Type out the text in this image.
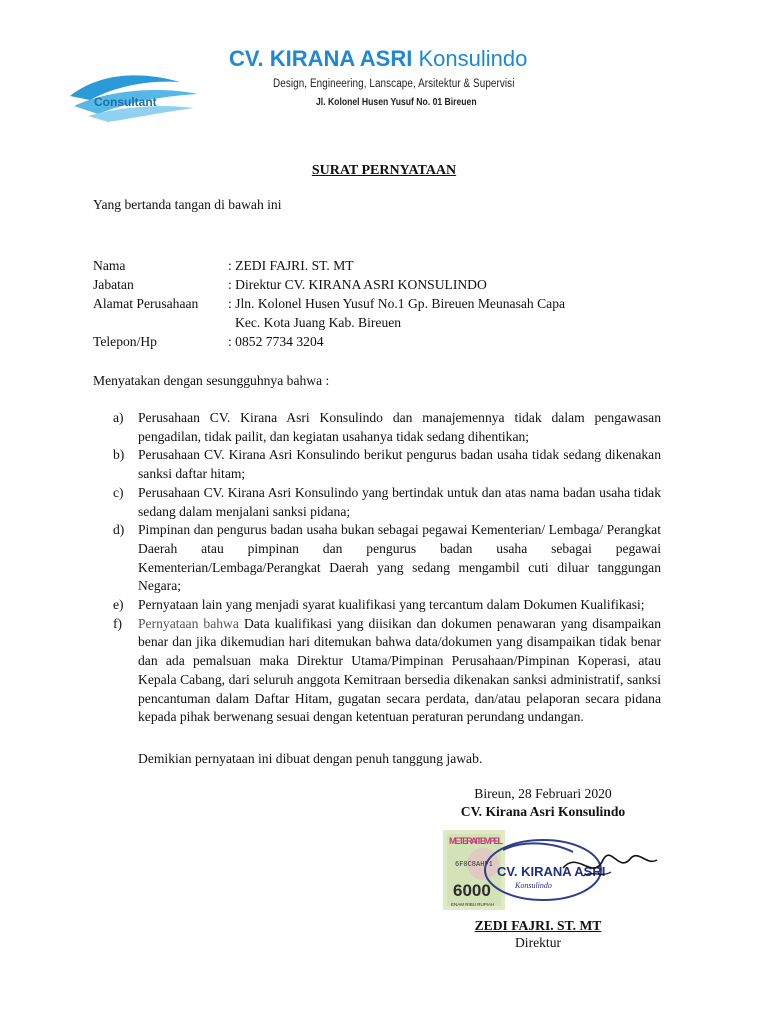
Consultant
CV. KIRANA ASRI Konsulindo
Design, Engineering, Lanscape, Arsitektur & Supervisi
Jl. Kolonel Husen Yusuf No. 01 Bireuen
SURAT PERNYATAAN
Yang bertanda tangan di bawah ini
Nama	: ZEDI FAJRI. ST. MT
Jabatan	: Direktur CV. KIRANA ASRI KONSULINDO
Alamat Perusahaan : Jln. Kolonel Husen Yusuf No.1 Gp. Bireuen Meunasah Capa
Kec. Kota Juang Kab. Bireuen
Telepon/Hp	: 0852 7734 3204
Menyatakan dengan sesungguhnya bahwa :
a) Perusahaan CV. Kirana Asri Konsulindo dan manajemennya tidak dalam pengawasan pengadilan, tidak pailit, dan kegiatan usahanya tidak sedang dihentikan;
b) Perusahaan CV. Kirana Asri Konsulindo berikut pengurus badan usaha tidak sedang dikenakan sanksi daftar hitam;
c) Perusahaan CV. Kirana Asri Konsulindo yang bertindak untuk dan atas nama badan usaha tidak sedang dalam menjalani sanksi pidana;
d) Pimpinan dan pengurus badan usaha bukan sebagai pegawai Kementerian/ Lembaga/ Perangkat Daerah atau pimpinan dan pengurus badan usaha sebagai pegawai Kementerian/Lembaga/Perangkat Daerah yang sedang mengambil cuti diluar tanggungan Negara;
e) Pernyataan lain yang menjadi syarat kualifikasi yang tercantum dalam Dokumen Kualifikasi;
f) Pernyataan bahwa Data kualifikasi yang diisikan dan dokumen penawaran yang disampaikan benar dan jika dikemudian hari ditemukan bahwa data/dokumen yang disampaikan tidak benar dan ada pemalsuan maka Direktur Utama/Pimpinan Perusahaan/Pimpinan Koperasi, atau Kepala Cabang, dari seluruh anggota Kemitraan bersedia dikenakan sanksi administratif, sanksi pencantuman dalam Daftar Hitam, gugatan secara perdata, dan/atau pelaporan secara pidana kepada pihak berwenang sesuai dengan ketentuan peraturan perundang undangan.
Demikian pernyataan ini dibuat dengan penuh tanggung jawab.
Bireun, 28 Februari 2020
CV. Kirana Asri Konsulindo
METERAI TEMPEL
6F0C8AHF1
6000
ENAM RIBU RUPIAH
CV. KIRANA ASRI
Konsulindo
ZEDI FAJRI. ST. MT
Direktur
